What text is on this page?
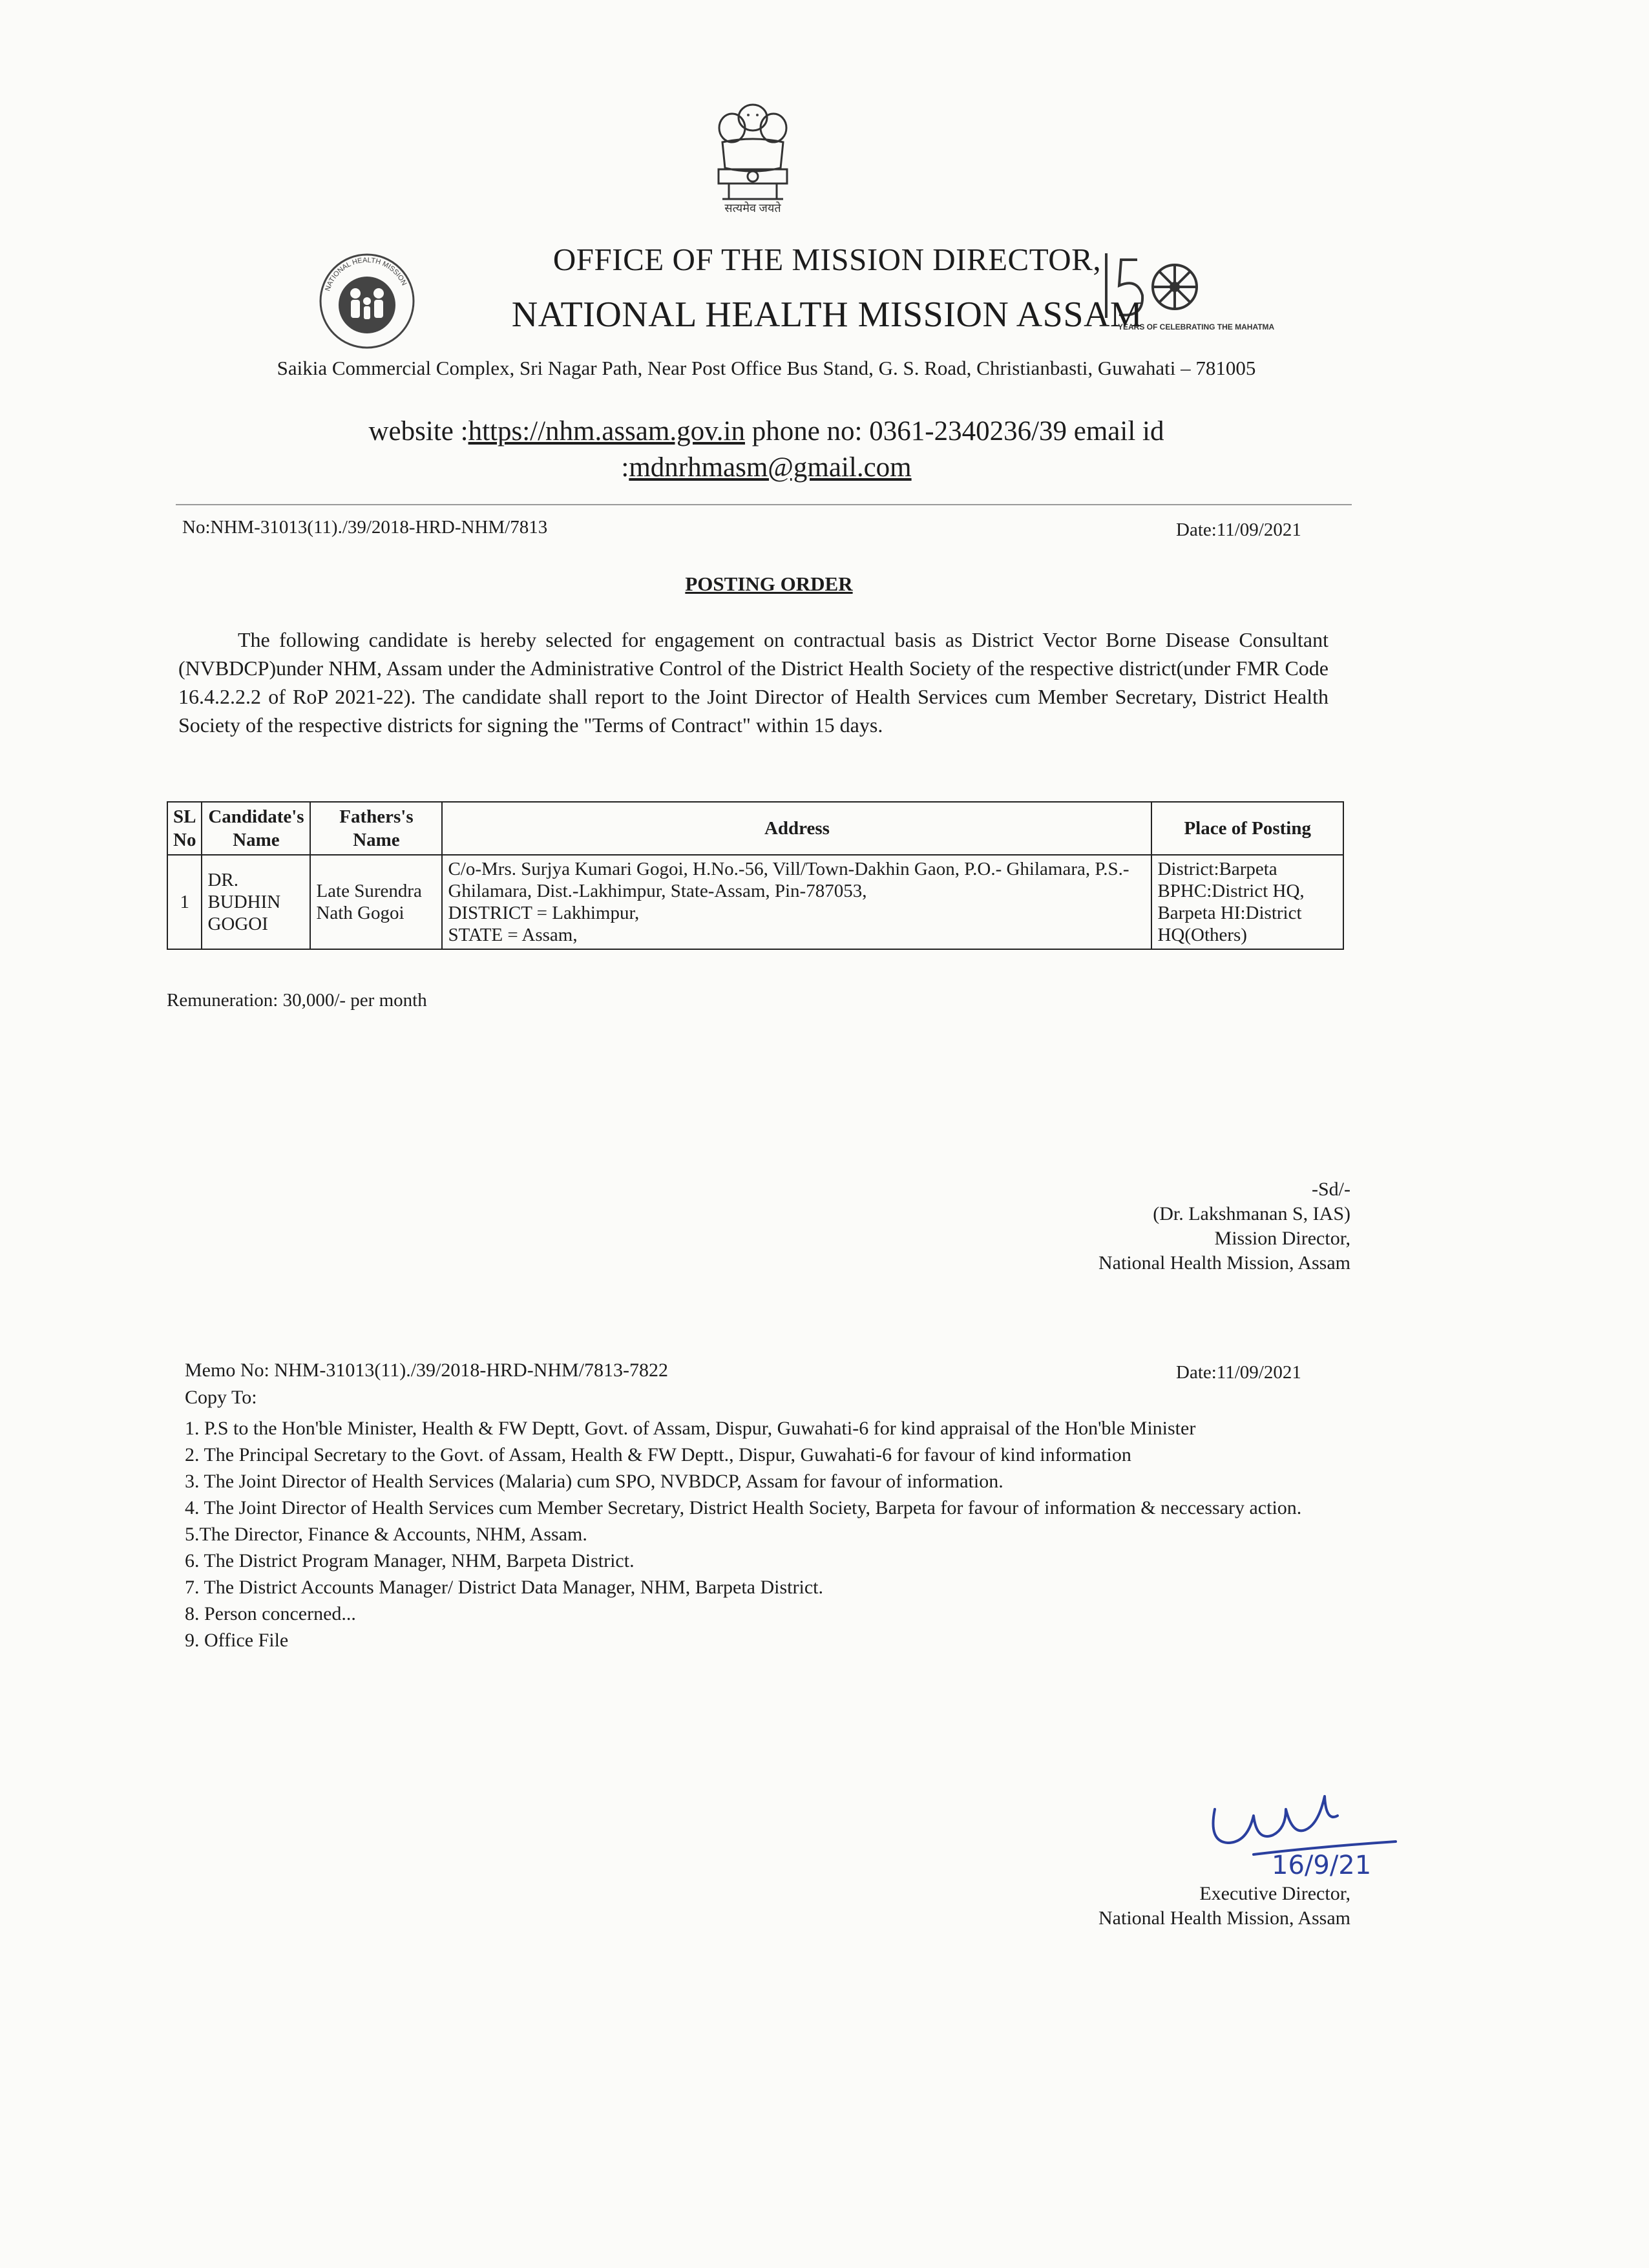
सत्यमेव जयते
NATIONAL HEALTH MISSION
YEARS OF CELEBRATING THE MAHATMA
OFFICE OF THE MISSION DIRECTOR,
NATIONAL HEALTH MISSION ASSAM
Saikia Commercial Complex, Sri Nagar Path, Near Post Office Bus Stand, G. S. Road, Christianbasti, Guwahati – 781005
website :https://nhm.assam.gov.in phone no: 0361-2340236/39 email id
:mdnrhmasm@gmail.com
No:NHM-31013(11)./39/2018-HRD-NHM/7813	Date:11/09/2021
POSTING ORDER
The following candidate is hereby selected for engagement on contractual basis as District Vector Borne Disease Consultant (NVBDCP)under NHM, Assam under the Administrative Control of the District Health Society of the respective district(under FMR Code 16.4.2.2.2 of RoP 2021-22). The candidate shall report to the Joint Director of Health Services cum Member Secretary, District Health Society of the respective districts for signing the "Terms of Contract" within 15 days.
SL No	Candidate's Name	Fathers's Name	Address	Place of Posting
1	DR. BUDHIN GOGOI	Late Surendra Nath Gogoi	C/o-Mrs. Surjya Kumari Gogoi, H.No.-56, Vill/Town-Dakhin Gaon, P.O.- Ghilamara, P.S.-Ghilamara, Dist.-Lakhimpur, State-Assam, Pin-787053,
DISTRICT = Lakhimpur,
STATE = Assam,	District:Barpeta BPHC:District HQ, Barpeta HI:District HQ(Others)
Remuneration: 30,000/- per month
-Sd/-
(Dr. Lakshmanan S, IAS)
Mission Director,
National Health Mission, Assam
Memo No: NHM-31013(11)./39/2018-HRD-NHM/7813-7822	Date:11/09/2021
Copy To:
1. P.S to the Hon'ble Minister, Health & FW Deptt, Govt. of Assam, Dispur, Guwahati-6 for kind appraisal of the Hon'ble Minister
2. The Principal Secretary to the Govt. of Assam, Health & FW Deptt., Dispur, Guwahati-6 for favour of kind information
3. The Joint Director of Health Services (Malaria) cum SPO, NVBDCP, Assam for favour of information.
4. The Joint Director of Health Services cum Member Secretary, District Health Society, Barpeta for favour of information & neccessary action.
5.The Director, Finance & Accounts, NHM, Assam.
6. The District Program Manager, NHM, Barpeta District.
7. The District Accounts Manager/ District Data Manager, NHM, Barpeta District.
8. Person concerned...
9. Office File
16/9/21
Executive Director,
National Health Mission, Assam
